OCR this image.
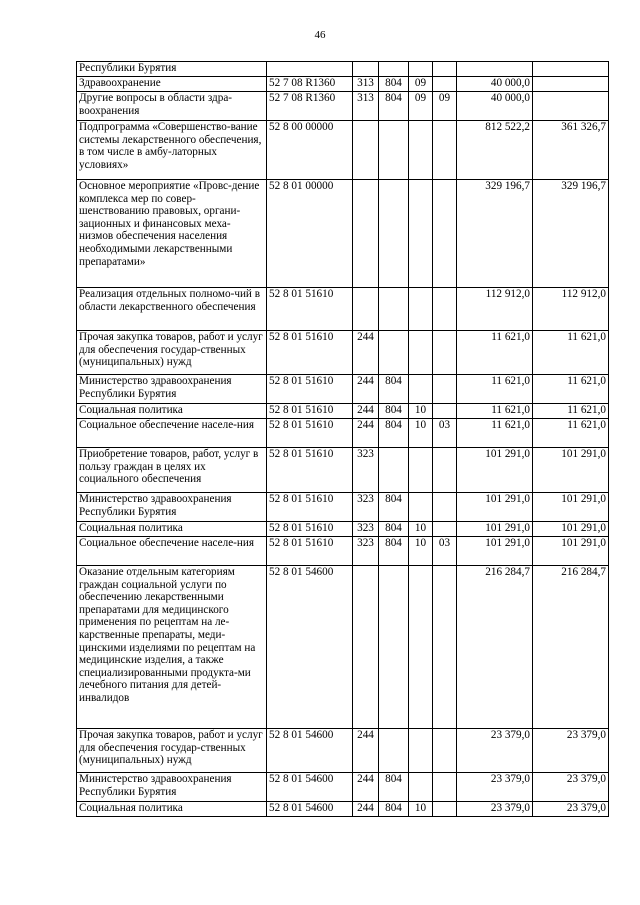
46
Республики Бурятия							
Здравоохранение	52 7 08 R1360	313	804	09		40 000,0	
Другие вопросы в области здра-воохранения	52 7 08 R1360	313	804	09	09	40 000,0	
Подпрограмма «Совершенство-вание системы лекарственного обеспечения, в том числе в амбу-латорных условиях»	52 8 00 00000					812 522,2	361 326,7
Основное мероприятие «Провс-дение комплекса мер по совер-шенствованию правовых, органи-зационных и финансовых меха-низмов обеспечения населения необходимыми лекарственными препаратами»	52 8 01 00000					329 196,7	329 196,7
Реализация отдельных полномо-чий в области лекарственного обеспечения	52 8 01 51610					112 912,0	112 912,0
Прочая закупка товаров, работ и услуг для обеспечения государ-ственных (муниципальных) нужд	52 8 01 51610	244				11 621,0	11 621,0
Министерство здравоохранения Республики Бурятия	52 8 01 51610	244	804			11 621,0	11 621,0
Социальная политика	52 8 01 51610	244	804	10		11 621,0	11 621,0
Социальное обеспечение населе-ния	52 8 01 51610	244	804	10	03	11 621,0	11 621,0
Приобретение товаров, работ, услуг в пользу граждан в целях их социального обеспечения	52 8 01 51610	323				101 291,0	101 291,0
Министерство здравоохранения Республики Бурятия	52 8 01 51610	323	804			101 291,0	101 291,0
Социальная политика	52 8 01 51610	323	804	10		101 291,0	101 291,0
Социальное обеспечение населе-ния	52 8 01 51610	323	804	10	03	101 291,0	101 291,0
Оказание отдельным категориям граждан социальной услуги по обеспечению лекарственными препаратами для медицинского применения по рецептам на ле-карственные препараты, меди-цинскими изделиями по рецептам на медицинские изделия, а также специализированными продукта-ми лечебного питания для детей-инвалидов	52 8 01 54600					216 284,7	216 284,7
Прочая закупка товаров, работ и услуг для обеспечения государ-ственных (муниципальных) нужд	52 8 01 54600	244				23 379,0	23 379,0
Министерство здравоохранения Республики Бурятия	52 8 01 54600	244	804			23 379,0	23 379,0
Социальная политика	52 8 01 54600	244	804	10		23 379,0	23 379,0
